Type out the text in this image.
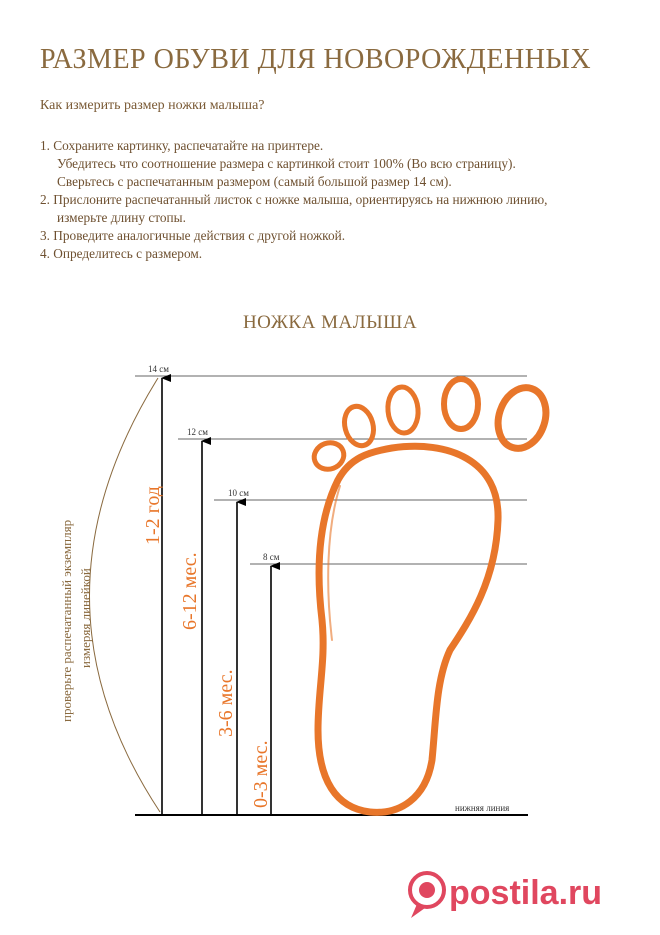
РАЗМЕР ОБУВИ ДЛЯ НОВОРОЖДЕННЫХ
Как измерить размер ножки малыша?
1. Сохраните картинку, распечатайте на принтере.
Убедитесь что соотношение размера с картинкой стоит 100% (Во всю страницу).
Сверьтесь с распечатанным размером (самый большой размер 14 см).
2. Прислоните распечатанный листок с ножке малыша, ориентируясь на нижнюю линию,
измерьте длину стопы.
3. Проведите аналогичные действия с другой ножкой.
4. Определитесь с размером.
НОЖКА МАЛЫША
14 см
12 см
10 см
8 см
1-2 год
6-12 мес.
3-6 мес.
0-3 мес.
проверьте распечатанный экземпляр измеряя линейкой
нижняя линия
postila.ru
